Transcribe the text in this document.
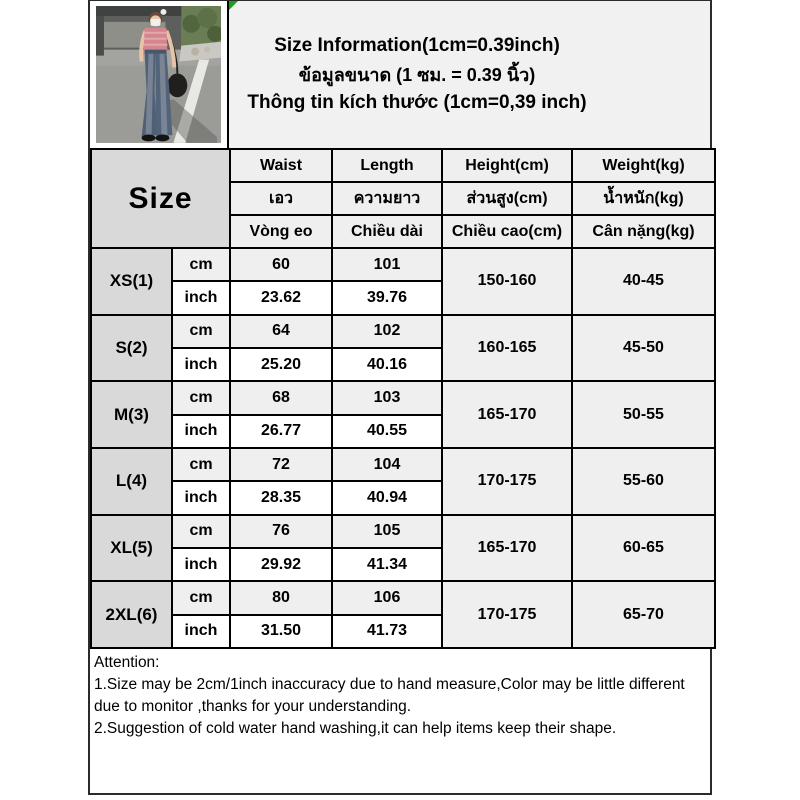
Size Information(1cm=0.39inch)
ข้อมูลขนาด (1 ซม. = 0.39 นิ้ว)
Thông tin kích thước (1cm=0,39 inch)
Size		Waist	Length	Height(cm)	Weight(kg)
		เอว	ความยาว	ส่วนสูง(cm)	น้ำหนัก(kg)
		Vòng eo	Chiều dài	Chiều cao(cm)	Cân nặng(kg)
XS(1)	cm	60	101	150-160	40-45
	inch	23.62	39.76		
S(2)	cm	64	102	160-165	45-50
	inch	25.20	40.16		
M(3)	cm	68	103	165-170	50-55
	inch	26.77	40.55		
L(4)	cm	72	104	170-175	55-60
	inch	28.35	40.94		
XL(5)	cm	76	105	165-170	60-65
	inch	29.92	41.34		
2XL(6)	cm	80	106	170-175	65-70
	inch	31.50	41.73		

Attention:

1.Size may be 2cm/1inch inaccuracy due to hand measure,Color may be little different due to monitor ,thanks for your understanding.

2.Suggestion of cold water hand washing,it can help items keep their shape.
